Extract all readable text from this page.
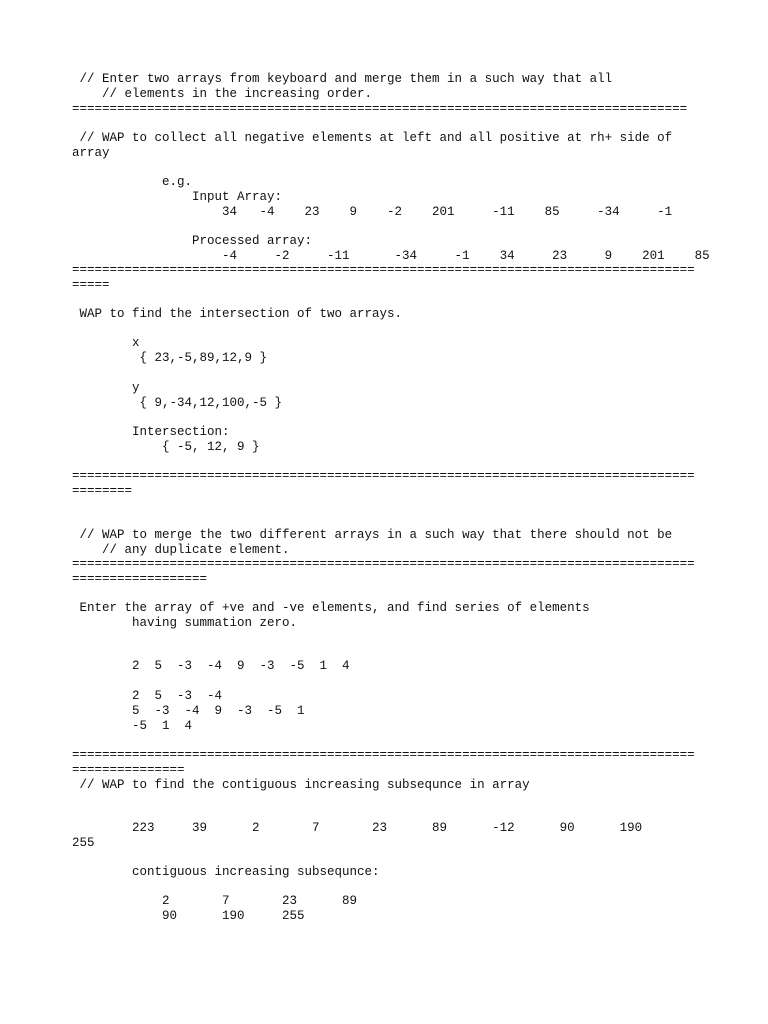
// Enter two arrays from keyboard and merge them in a such way that all

// elements in the increasing order.

==================================================================================

// WAP to collect all negative elements at left and all positive at rh+ side of

array

e.g.

Input Array:

34   -4    23    9    -2    201     -11    85     -34     -1

Processed array:

-4     -2     -11      -34     -1    34     23     9    201    85

===================================================================================

=====

WAP to find the intersection of two arrays.

x

{ 23,-5,89,12,9 }

y

{ 9,-34,12,100,-5 }

Intersection:

{ -5, 12, 9 }

===================================================================================

========

// WAP to merge the two different arrays in a such way that there should not be

// any duplicate element.

===================================================================================

==================

Enter the array of +ve and -ve elements, and find series of elements

having summation zero.

2  5  -3  -4  9  -3  -5  1  4

2  5  -3  -4

5  -3  -4  9  -3  -5  1

-5  1  4

===================================================================================

===============

// WAP to find the contiguous increasing subsequnce in array

223     39      2       7       23      89      -12      90      190

255

contiguous increasing subsequnce:

2       7       23      89

90      190     255
